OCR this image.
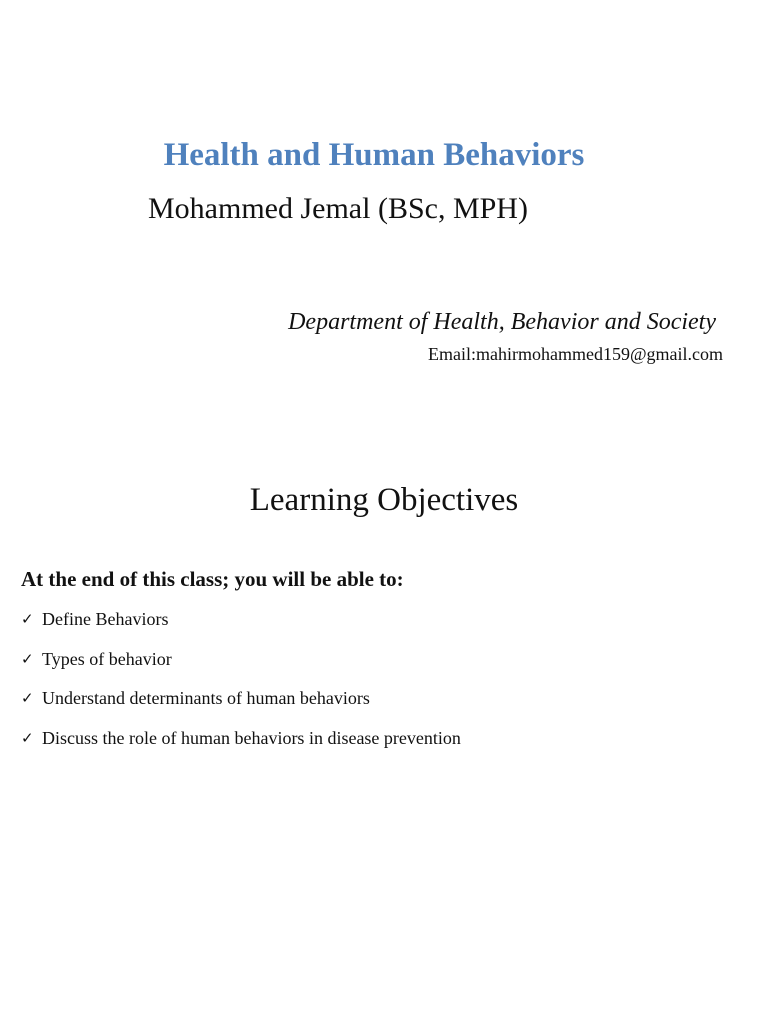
Health and Human Behaviors
Mohammed Jemal (BSc, MPH)
Department of Health, Behavior and Society
Email:mahirmohammed159@gmail.com
Learning Objectives
At the end of this class; you will be able to:
✓ Define Behaviors
✓ Types of behavior
✓ Understand determinants of human behaviors
✓ Discuss the role of human behaviors in disease prevention
